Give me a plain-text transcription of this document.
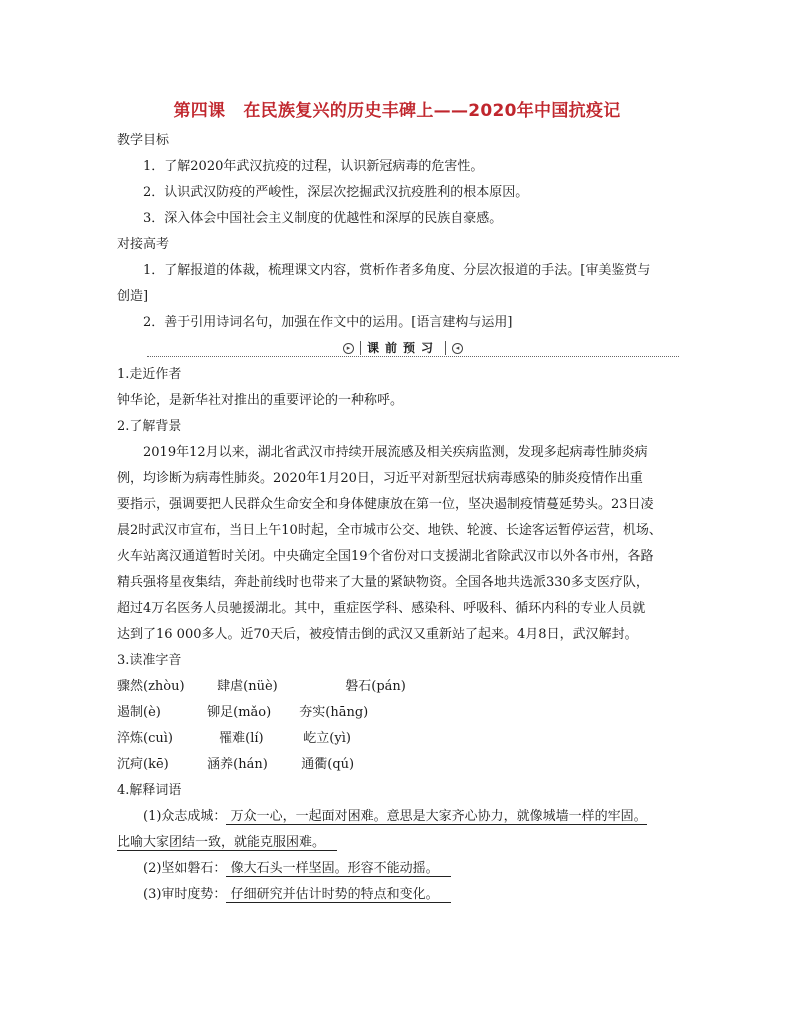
第四课 在民族复兴的历史丰碑上——2020年中国抗疫记
教学目标
1．了解2020年武汉抗疫的过程，认识新冠病毒的危害性。
2．认识武汉防疫的严峻性，深层次挖掘武汉抗疫胜利的根本原因。
3．深入体会中国社会主义制度的优越性和深厚的民族自豪感。
对接高考
1．了解报道的体裁，梳理课文内容，赏析作者多角度、分层次报道的手法。[审美鉴赏与
创造]
2．善于引用诗词名句，加强在作文中的运用。[语言建构与运用]
▸	课前预习	◂
1.走近作者
钟华论，是新华社对推出的重要评论的一种称呼。
2.了解背景
2019年12月以来，湖北省武汉市持续开展流感及相关疾病监测，发现多起病毒性肺炎病
例，均诊断为病毒性肺炎。2020年1月20日，习近平对新型冠状病毒感染的肺炎疫情作出重
要指示，强调要把人民群众生命安全和身体健康放在第一位，坚决遏制疫情蔓延势头。23日凌
晨2时武汉市宣布，当日上午10时起，全市城市公交、地铁、轮渡、长途客运暂停运营，机场、
火车站离汉通道暂时关闭。中央确定全国19个省份对口支援湖北省除武汉市以外各市州，各路
精兵强将星夜集结，奔赴前线时也带来了大量的紧缺物资。全国各地共选派330多支医疗队，
超过4万名医务人员驰援湖北。其中，重症医学科、感染科、呼吸科、循环内科的专业人员就
达到了16 000多人。近70天后，被疫情击倒的武汉又重新站了起来。4月8日，武汉解封。
3.读准字音
骤然(zhòu)	肆虐(nüè)	磐石(pán)
遏制(è)	铆足(mǎo) 夯实(hāng)
淬炼(cuì)	罹难(lí)	屹立(yì)
沉疴(kē)	涵养(hán)	通衢(qú)
4.解释词语
(1)众志成城： 万众一心，一起面对困难。意思是大家齐心协力，就像城墙一样的牢固。
比喻大家团结一致，就能克服困难。
(2)坚如磐石： 像大石头一样坚固。形容不能动摇。
(3)审时度势： 仔细研究并估计时势的特点和变化。
